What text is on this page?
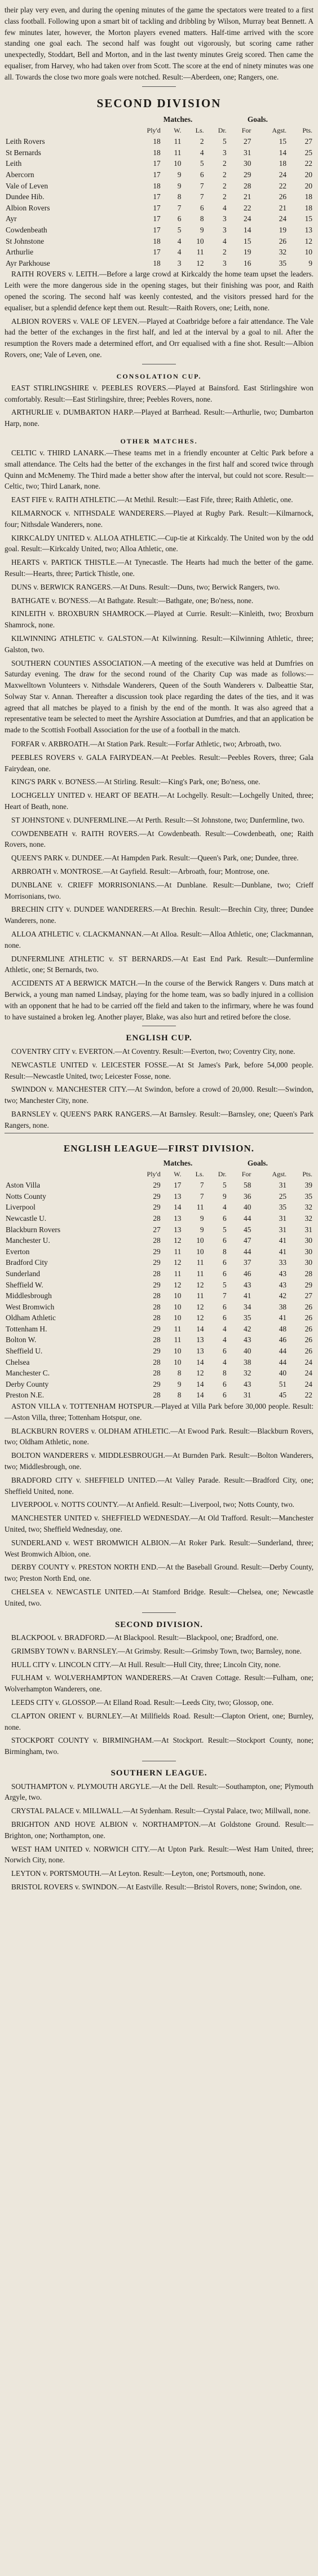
their play very even, and during the opening minutes of the game the spectators were treated to a first class football. Following upon a smart bit of tackling and dribbling by Wilson, Murray beat Bennett. A few minutes later, however, the Morton players evened matters. Half-time arrived with the score standing one goal each. The second half was fought out vigorously, but scoring came rather unexpectedly, Stoddart, Bell and Morton, and in the last twenty minutes Greig scored. Then came the equaliser, from Harvey, who had taken over from Scott. The score at the end of ninety minutes was one all. Towards the close two more goals were notched. Result:—Aberdeen, one; Rangers, one.

SECOND DIVISION
	Matches.				Goals.		
	Ply'd	W.	Ls.	Dr.	For	Agst.	Pts.
Leith Rovers	18	11	2	5	27	15	27
St Bernards	18	11	4	3	31	14	25
Leith	17	10	5	2	30	18	22
Abercorn	17	9	6	2	29	24	20
Vale of Leven	18	9	7	2	28	22	20
Dundee Hib.	17	8	7	2	21	26	18
Albion Rovers	17	7	6	4	22	21	18
Ayr	17	6	8	3	24	24	15
Cowdenbeath	17	5	9	3	14	19	13
St Johnstone	18	4	10	4	15	26	12
Arthurlie	17	4	11	2	19	32	10
Ayr Parkhouse	18	3	12	3	16	35	9

RAITH ROVERS v. LEITH.—Before a large crowd at Kirkcaldy the home team upset the leaders. Leith were the more dangerous side in the opening stages, but their finishing was poor, and Raith opened the scoring. The second half was keenly contested, and the visitors pressed hard for the equaliser, but a splendid defence kept them out. Result:—Raith Rovers, one; Leith, none.

ALBION ROVERS v. VALE OF LEVEN.—Played at Coatbridge before a fair attendance. The Vale had the better of the exchanges in the first half, and led at the interval by a goal to nil. After the resumption the Rovers made a determined effort, and Orr equalised with a fine shot. Result:—Albion Rovers, one; Vale of Leven, one.

CONSOLATION CUP.

EAST STIRLINGSHIRE v. PEEBLES ROVERS.—Played at Bainsford. East Stirlingshire won comfortably. Result:—East Stirlingshire, three; Peebles Rovers, none.

ARTHURLIE v. DUMBARTON HARP.—Played at Barrhead. Result:—Arthurlie, two; Dumbarton Harp, none.

OTHER MATCHES.

CELTIC v. THIRD LANARK.—These teams met in a friendly encounter at Celtic Park before a small attendance. The Celts had the better of the exchanges in the first half and scored twice through Quinn and McMenemy. The Third made a better show after the interval, but could not score. Result:—Celtic, two; Third Lanark, none.

EAST FIFE v. RAITH ATHLETIC.—At Methil. Result:—East Fife, three; Raith Athletic, one.

KILMARNOCK v. NITHSDALE WANDERERS.—Played at Rugby Park. Result:—Kilmarnock, four; Nithsdale Wanderers, none.

KIRKCALDY UNITED v. ALLOA ATHLETIC.—Cup-tie at Kirkcaldy. The United won by the odd goal. Result:—Kirkcaldy United, two; Alloa Athletic, one.

HEARTS v. PARTICK THISTLE.—At Tynecastle. The Hearts had much the better of the game. Result:—Hearts, three; Partick Thistle, one.

DUNS v. BERWICK RANGERS.—At Duns. Result:—Duns, two; Berwick Rangers, two.

BATHGATE v. BO'NESS.—At Bathgate. Result:—Bathgate, one; Bo'ness, none.

KINLEITH v. BROXBURN SHAMROCK.—Played at Currie. Result:—Kinleith, two; Broxburn Shamrock, none.

KILWINNING ATHLETIC v. GALSTON.—At Kilwinning. Result:—Kilwinning Athletic, three; Galston, two.

SOUTHERN COUNTIES ASSOCIATION.—A meeting of the executive was held at Dumfries on Saturday evening. The draw for the second round of the Charity Cup was made as follows:—Maxwelltown Volunteers v. Nithsdale Wanderers, Queen of the South Wanderers v. Dalbeattie Star, Solway Star v. Annan. Thereafter a discussion took place regarding the dates of the ties, and it was agreed that all matches be played to a finish by the end of the month. It was also agreed that a representative team be selected to meet the Ayrshire Association at Dumfries, and that an application be made to the Scottish Football Association for the use of a football in the match.

FORFAR v. ARBROATH.—At Station Park. Result:—Forfar Athletic, two; Arbroath, two.

PEEBLES ROVERS v. GALA FAIRYDEAN.—At Peebles. Result:—Peebles Rovers, three; Gala Fairydean, one.

KING'S PARK v. BO'NESS.—At Stirling. Result:—King's Park, one; Bo'ness, one.

LOCHGELLY UNITED v. HEART OF BEATH.—At Lochgelly. Result:—Lochgelly United, three; Heart of Beath, none.

ST JOHNSTONE v. DUNFERMLINE.—At Perth. Result:—St Johnstone, two; Dunfermline, two.

COWDENBEATH v. RAITH ROVERS.—At Cowdenbeath. Result:—Cowdenbeath, one; Raith Rovers, none.

QUEEN'S PARK v. DUNDEE.—At Hampden Park. Result:—Queen's Park, one; Dundee, three.

ARBROATH v. MONTROSE.—At Gayfield. Result:—Arbroath, four; Montrose, one.

DUNBLANE v. CRIEFF MORRISONIANS.—At Dunblane. Result:—Dunblane, two; Crieff Morrisonians, two.

BRECHIN CITY v. DUNDEE WANDERERS.—At Brechin. Result:—Brechin City, three; Dundee Wanderers, none.

ALLOA ATHLETIC v. CLACKMANNAN.—At Alloa. Result:—Alloa Athletic, one; Clackmannan, none.

DUNFERMLINE ATHLETIC v. ST BERNARDS.—At East End Park. Result:—Dunfermline Athletic, one; St Bernards, two.

ACCIDENTS AT A BERWICK MATCH.—In the course of the Berwick Rangers v. Duns match at Berwick, a young man named Lindsay, playing for the home team, was so badly injured in a collision with an opponent that he had to be carried off the field and taken to the infirmary, where he was found to have sustained a broken leg. Another player, Blake, was also hurt and retired before the close.

ENGLISH CUP.

COVENTRY CITY v. EVERTON.—At Coventry. Result:—Everton, two; Coventry City, none.

NEWCASTLE UNITED v. LEICESTER FOSSE.—At St James's Park, before 54,000 people. Result:—Newcastle United, two; Leicester Fosse, none.

SWINDON v. MANCHESTER CITY.—At Swindon, before a crowd of 20,000. Result:—Swindon, two; Manchester City, none.

BARNSLEY v. QUEEN'S PARK RANGERS.—At Barnsley. Result:—Barnsley, one; Queen's Park Rangers, none.

ENGLISH LEAGUE—FIRST DIVISION.
	Matches.				Goals.		
	Ply'd	W.	Ls.	Dr.	For	Agst.	Pts.
Aston Villa	29	17	7	5	58	31	39
Notts County	29	13	7	9	36	25	35
Liverpool	29	14	11	4	40	35	32
Newcastle U.	28	13	9	6	44	31	32
Blackburn Rovers	27	13	9	5	45	31	31
Manchester U.	28	12	10	6	47	41	30
Everton	29	11	10	8	44	41	30
Bradford City	29	12	11	6	37	33	30
Sunderland	28	11	11	6	46	43	28
Sheffield W.	29	12	12	5	43	43	29
Middlesbrough	28	10	11	7	41	42	27
West Bromwich	28	10	12	6	34	38	26
Oldham Athletic	28	10	12	6	35	41	26
Tottenham H.	29	11	14	4	42	48	26
Bolton W.	28	11	13	4	43	46	26
Sheffield U.	29	10	13	6	40	44	26
Chelsea	28	10	14	4	38	44	24
Manchester C.	28	8	12	8	32	40	24
Derby County	29	9	14	6	43	51	24
Preston N.E.	28	8	14	6	31	45	22

ASTON VILLA v. TOTTENHAM HOTSPUR.—Played at Villa Park before 30,000 people. Result:—Aston Villa, three; Tottenham Hotspur, one.

BLACKBURN ROVERS v. OLDHAM ATHLETIC.—At Ewood Park. Result:—Blackburn Rovers, two; Oldham Athletic, none.

BOLTON WANDERERS v. MIDDLESBROUGH.—At Burnden Park. Result:—Bolton Wanderers, two; Middlesbrough, one.

BRADFORD CITY v. SHEFFIELD UNITED.—At Valley Parade. Result:—Bradford City, one; Sheffield United, none.

LIVERPOOL v. NOTTS COUNTY.—At Anfield. Result:—Liverpool, two; Notts County, two.

MANCHESTER UNITED v. SHEFFIELD WEDNESDAY.—At Old Trafford. Result:—Manchester United, two; Sheffield Wednesday, one.

SUNDERLAND v. WEST BROMWICH ALBION.—At Roker Park. Result:—Sunderland, three; West Bromwich Albion, one.

DERBY COUNTY v. PRESTON NORTH END.—At the Baseball Ground. Result:—Derby County, two; Preston North End, one.

CHELSEA v. NEWCASTLE UNITED.—At Stamford Bridge. Result:—Chelsea, one; Newcastle United, two.

SECOND DIVISION.

BLACKPOOL v. BRADFORD.—At Blackpool. Result:—Blackpool, one; Bradford, one.

GRIMSBY TOWN v. BARNSLEY.—At Grimsby. Result:—Grimsby Town, two; Barnsley, none.

HULL CITY v. LINCOLN CITY.—At Hull. Result:—Hull City, three; Lincoln City, none.

FULHAM v. WOLVERHAMPTON WANDERERS.—At Craven Cottage. Result:—Fulham, one; Wolverhampton Wanderers, one.

LEEDS CITY v. GLOSSOP.—At Elland Road. Result:—Leeds City, two; Glossop, one.

CLAPTON ORIENT v. BURNLEY.—At Millfields Road. Result:—Clapton Orient, one; Burnley, none.

STOCKPORT COUNTY v. BIRMINGHAM.—At Stockport. Result:—Stockport County, none; Birmingham, two.

SOUTHERN LEAGUE.

SOUTHAMPTON v. PLYMOUTH ARGYLE.—At the Dell. Result:—Southampton, one; Plymouth Argyle, two.

CRYSTAL PALACE v. MILLWALL.—At Sydenham. Result:—Crystal Palace, two; Millwall, none.

BRIGHTON AND HOVE ALBION v. NORTHAMPTON.—At Goldstone Ground. Result:—Brighton, one; Northampton, one.

WEST HAM UNITED v. NORWICH CITY.—At Upton Park. Result:—West Ham United, three; Norwich City, none.

LEYTON v. PORTSMOUTH.—At Leyton. Result:—Leyton, one; Portsmouth, none.

BRISTOL ROVERS v. SWINDON.—At Eastville. Result:—Bristol Rovers, none; Swindon, one.
